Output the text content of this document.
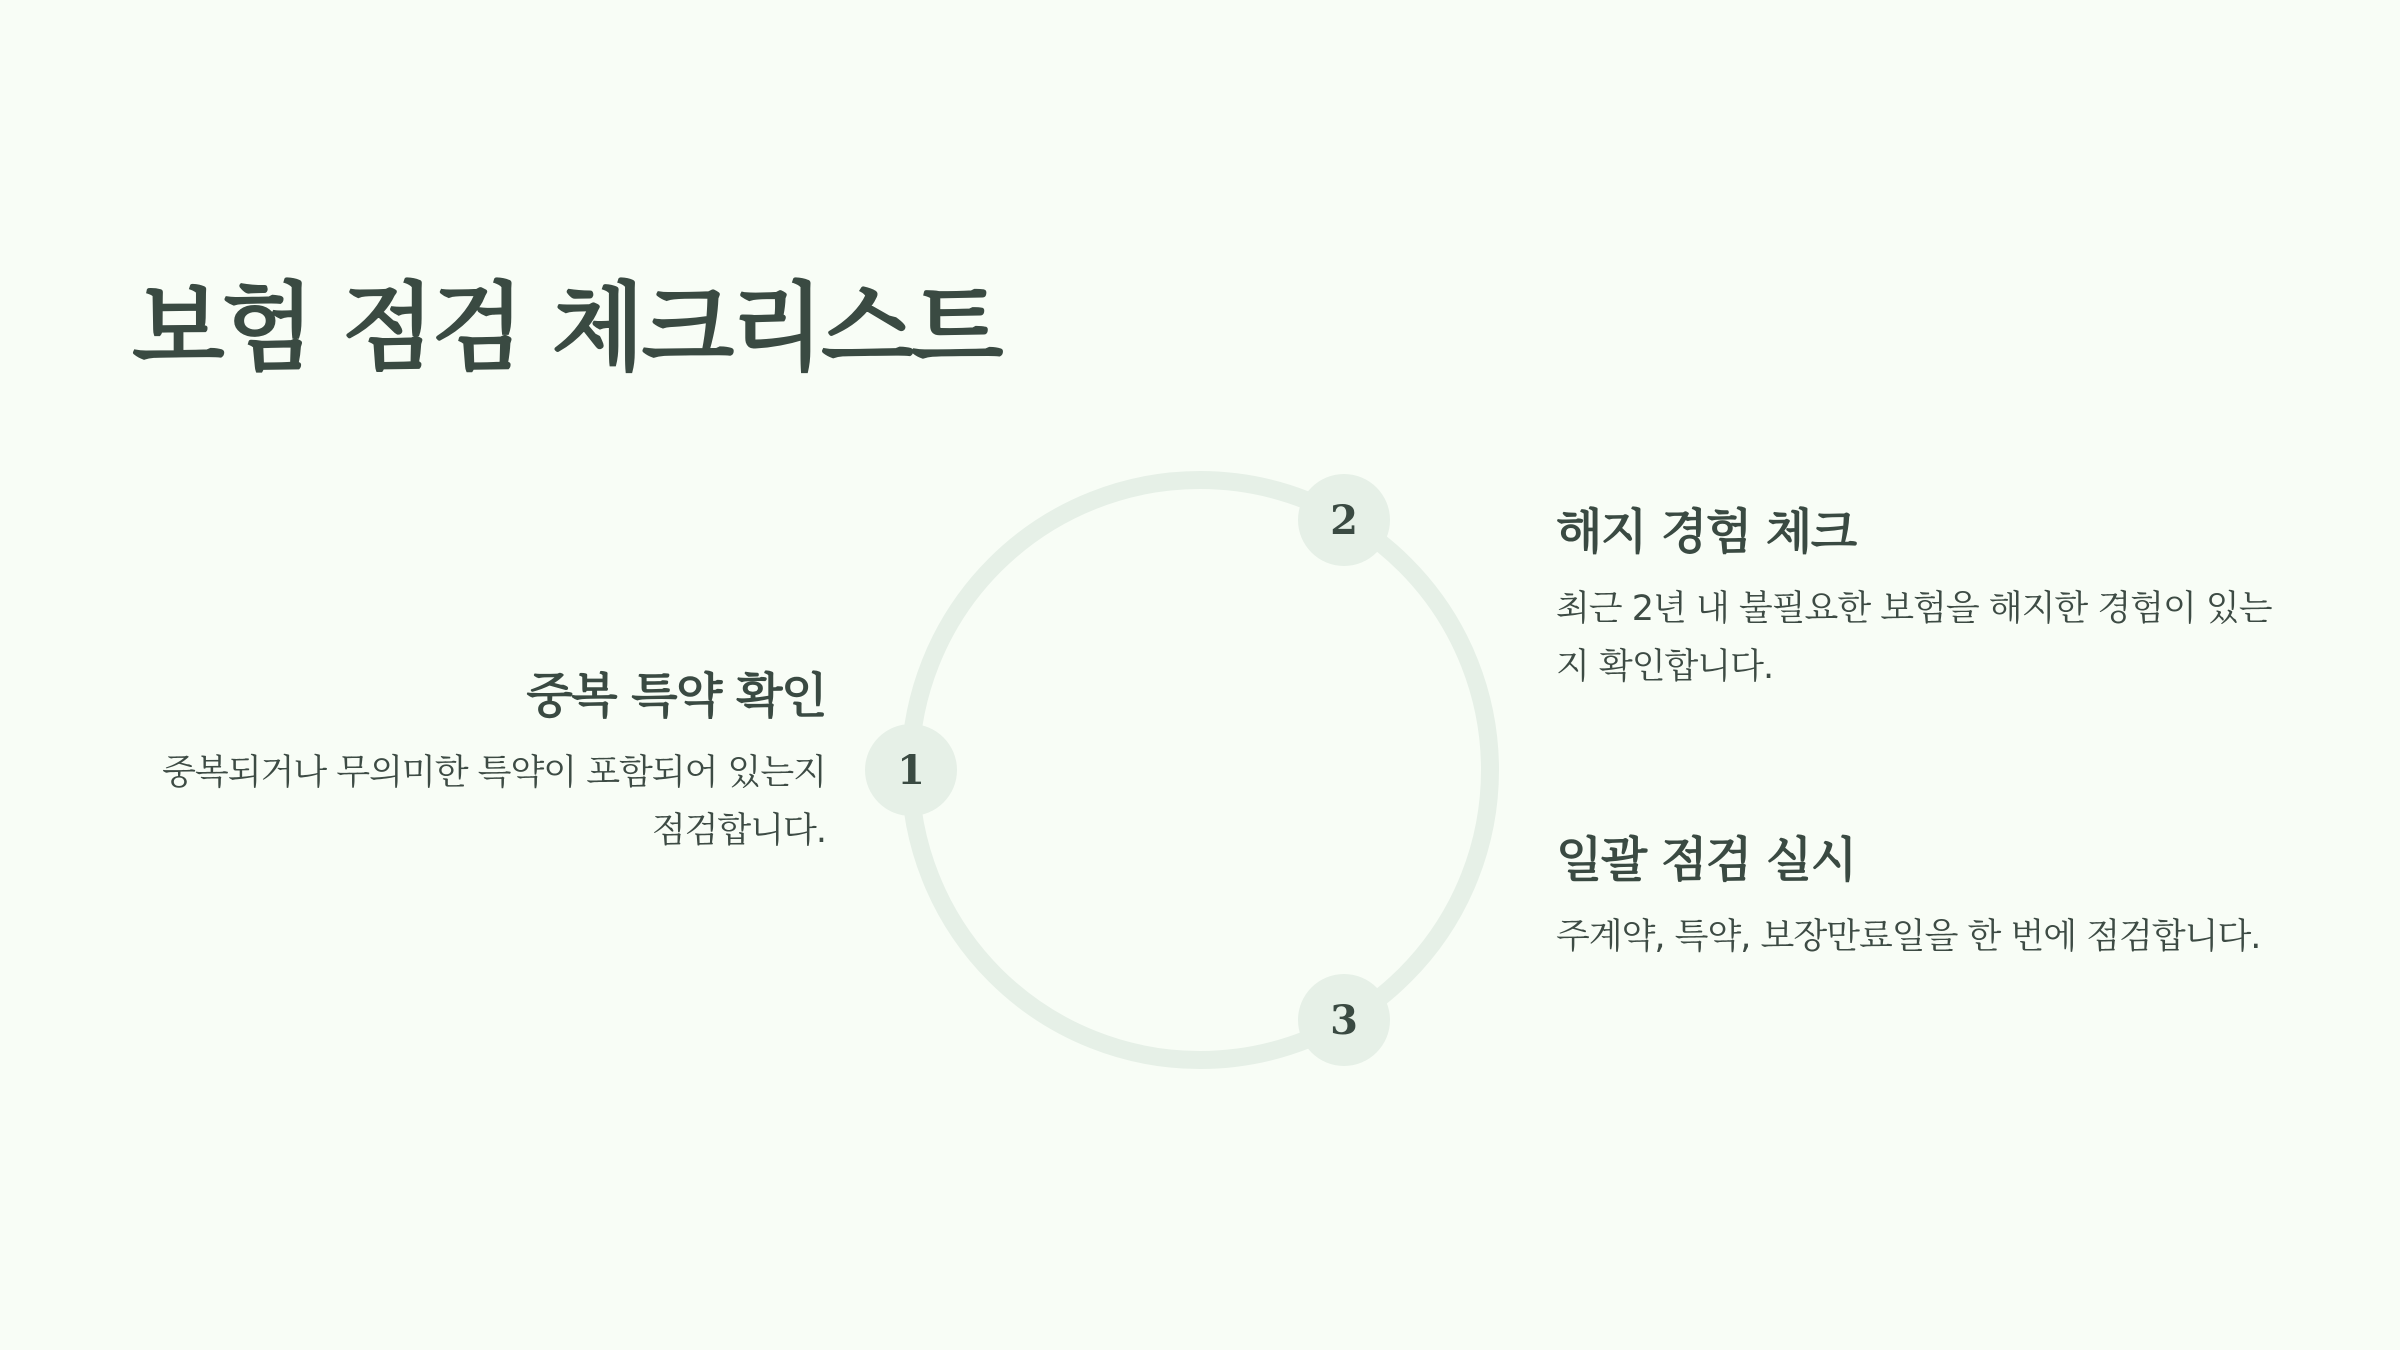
보험 점검 체크리스트
1
2
3
중복 특약 확인

중복되거나 무의미한 특약이 포함되어 있는지 점검합니다.

해지 경험 체크

최근 2년 내 불필요한 보험을 해지한 경험이 있는지 확인합니다.

일괄 점검 실시

주계약, 특약, 보장만료일을 한 번에 점검합니다.
